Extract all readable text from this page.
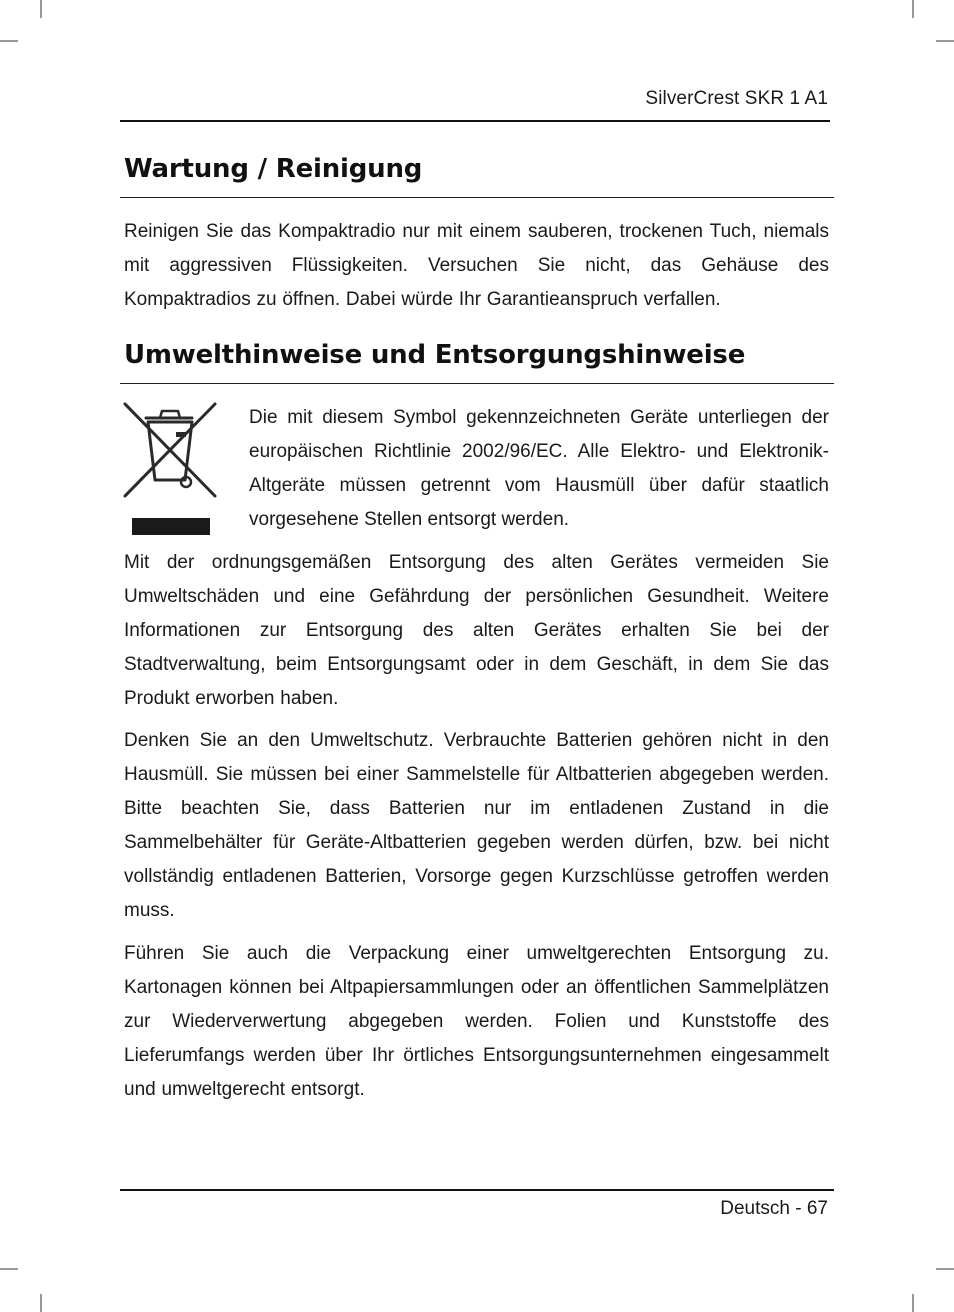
SilverCrest SKR 1 A1
Wartung / Reinigung

Reinigen Sie das Kompaktradio nur mit einem sauberen, trockenen Tuch, niemals mit aggressiven Flüssigkeiten. Versuchen Sie nicht, das Gehäuse des Kompaktradios zu öffnen. Dabei würde Ihr Garantieanspruch verfallen.

Umwelthinweise und Entsorgungshinweise

Die mit diesem Symbol gekennzeichneten Geräte unterliegen der europäischen Richtlinie 2002/96/EC. Alle Elektro- und Elektronik-Altgeräte müssen getrennt vom Hausmüll über dafür staatlich vorgesehene Stellen entsorgt werden.

Mit der ordnungsgemäßen Entsorgung des alten Gerätes vermeiden Sie Umweltschäden und eine Gefährdung der persönlichen Gesundheit. Weitere Informationen zur Entsorgung des alten Gerätes erhalten Sie bei der Stadtverwaltung, beim Entsorgungsamt oder in dem Geschäft, in dem Sie das Produkt erworben haben.

Denken Sie an den Umweltschutz. Verbrauchte Batterien gehören nicht in den Hausmüll. Sie müssen bei einer Sammelstelle für Altbatterien abgegeben werden. Bitte beachten Sie, dass Batterien nur im entladenen Zustand in die Sammelbehälter für Geräte-Altbatterien gegeben werden dürfen, bzw. bei nicht vollständig entladenen Batterien, Vorsorge gegen Kurzschlüsse getroffen werden muss.

Führen Sie auch die Verpackung einer umweltgerechten Entsorgung zu. Kartonagen können bei Altpapiersammlungen oder an öffentlichen Sammelplätzen zur Wiederverwertung abgegeben werden. Folien und Kunststoffe des Lieferumfangs werden über Ihr örtliches Entsorgungsunternehmen eingesammelt und umweltgerecht entsorgt.

Deutsch - 67
